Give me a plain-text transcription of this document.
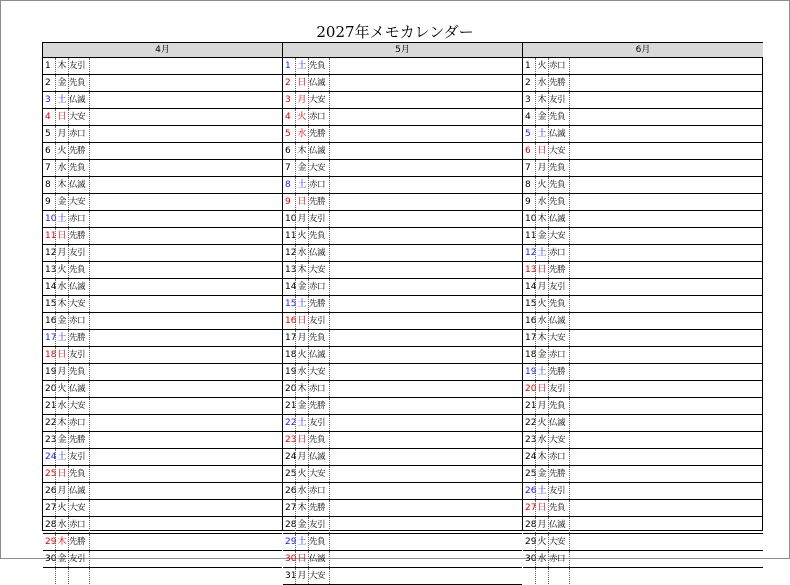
2027年メモカレンダー
4月
1 木 友引
2 金 先負
3 土 仏滅
4 日 大安
5 月 赤口
6 火 先勝
7 水 先負
8 木 仏滅
9 金 大安
10 土 赤口
11 日 先勝
12 月 友引
13 火 先負
14 水 仏滅
15 木 大安
16 金 赤口
17 土 先勝
18 日 友引
19 月 先負
20 火 仏滅
21 水 大安
22 木 赤口
23 金 先勝
24 土 友引
25 日 先負
26 月 仏滅
27 火 大安
28 水 赤口
29 木 先勝
30 金 友引
5月
1 土 先負
2 日 仏滅
3 月 大安
4 火 赤口
5 水 先勝
6 木 仏滅
7 金 大安
8 土 赤口
9 日 先勝
10 月 友引
11 火 先負
12 水 仏滅
13 木 大安
14 金 赤口
15 土 先勝
16 日 友引
17 月 先負
18 火 仏滅
19 水 大安
20 木 赤口
21 金 先勝
22 土 友引
23 日 先負
24 月 仏滅
25 火 大安
26 水 赤口
27 木 先勝
28 金 友引
29 土 先負
30 日 仏滅
31 月 大安
6月
1 火 赤口
2 水 先勝
3 木 友引
4 金 先負
5 土 仏滅
6 日 大安
7 月 先負
8 火 先負
9 水 先負
10 木 仏滅
11 金 大安
12 土 赤口
13 日 先勝
14 月 友引
15 火 先負
16 水 仏滅
17 木 大安
18 金 赤口
19 土 先勝
20 日 友引
21 月 先負
22 火 仏滅
23 水 大安
24 木 赤口
25 金 先勝
26 土 友引
27 日 先負
28 月 仏滅
29 火 大安
30 水 赤口
